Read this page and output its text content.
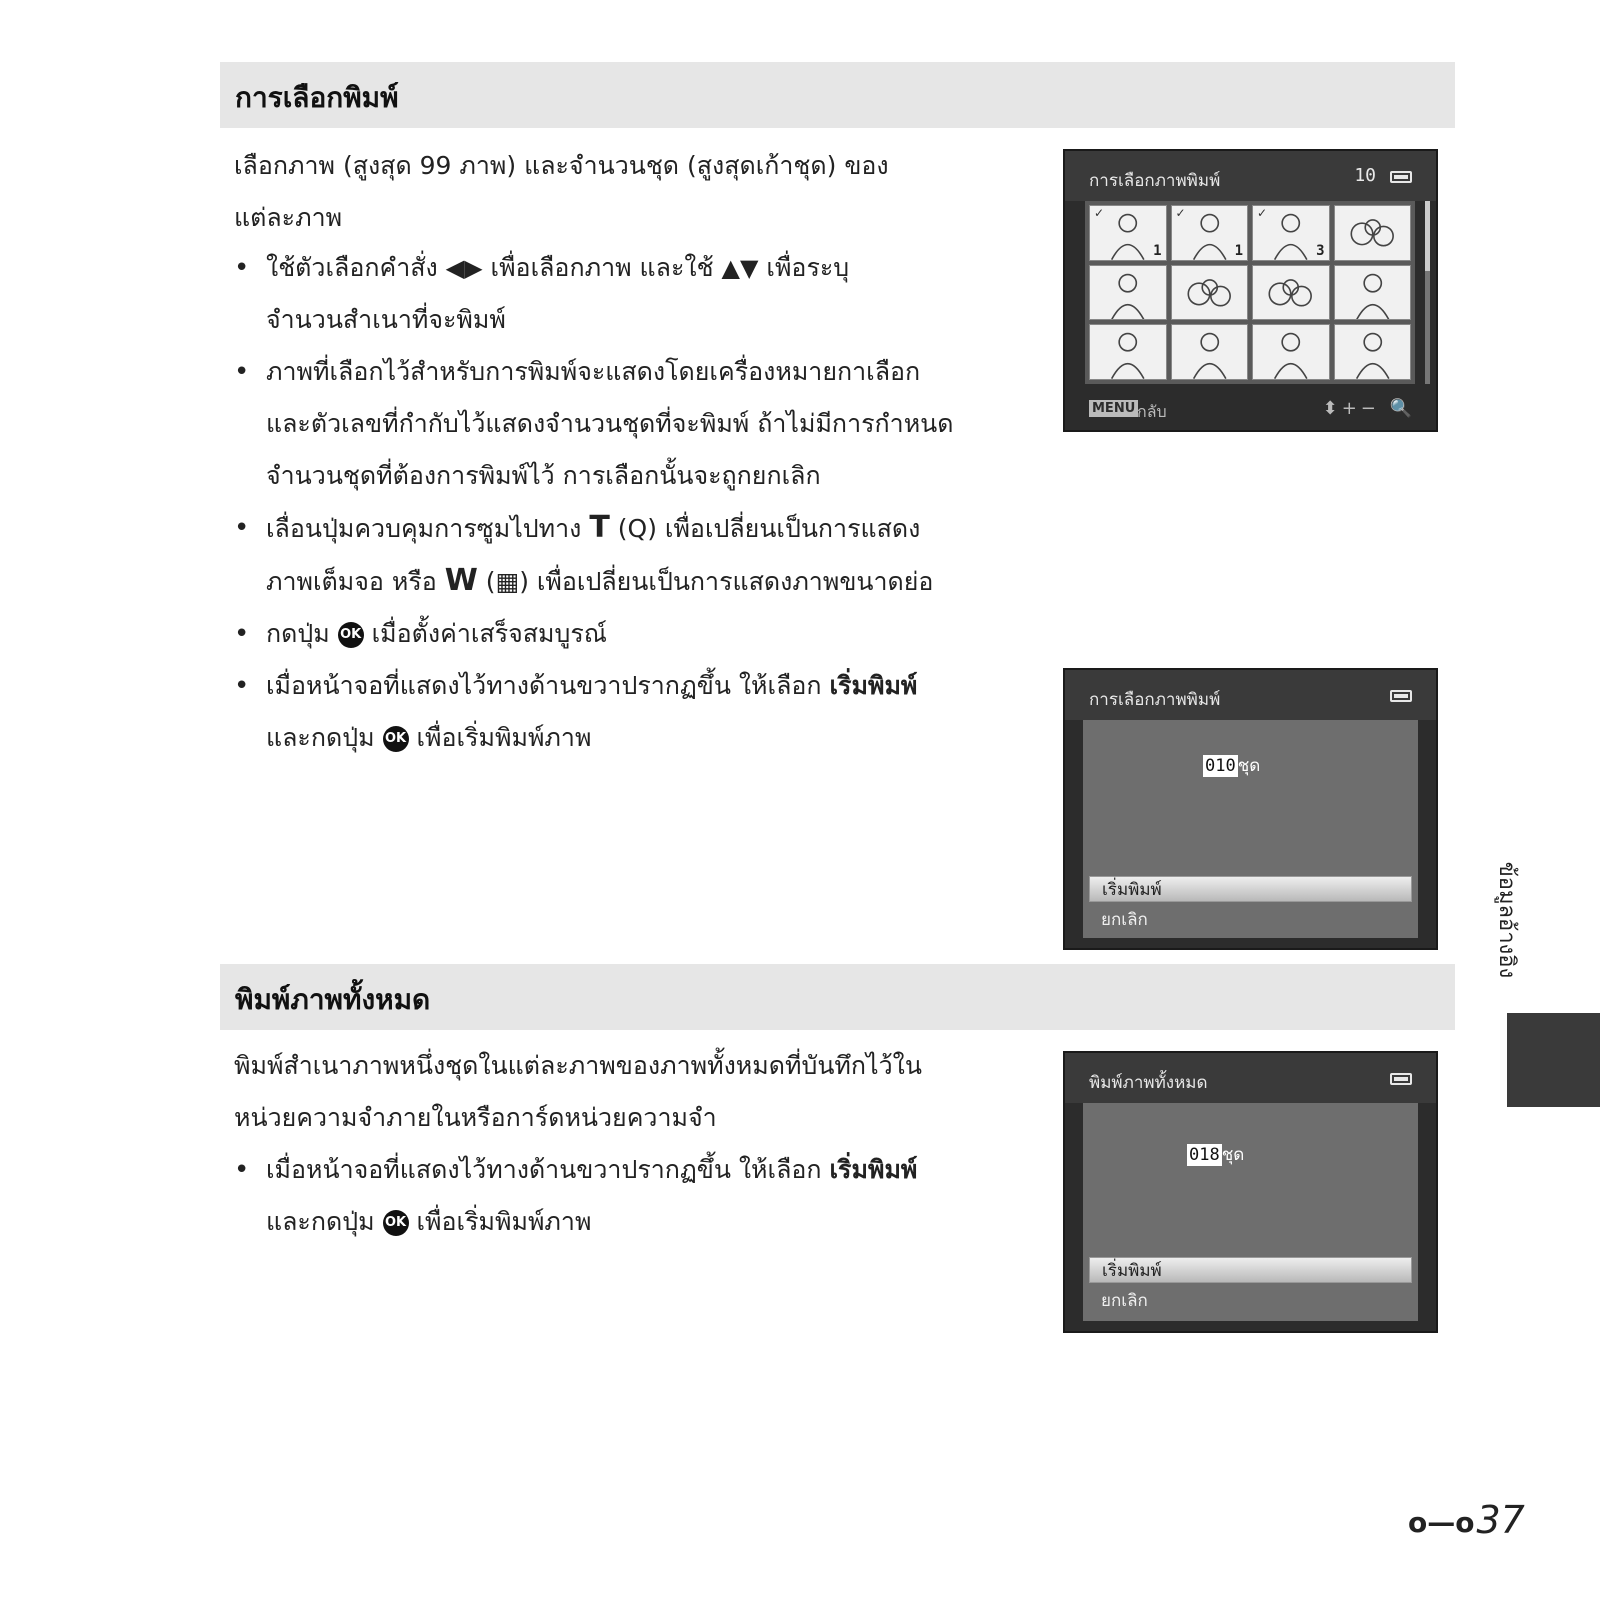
การเลือกพิมพ์

เลือกภาพ (สูงสุด 99 ภาพ) และจำนวนชุด (สูงสุดเก้าชุด) ของ
แต่ละภาพ

• ใช้ตัวเลือกคำสั่ง ◀▶ เพื่อเลือกภาพ และใช้ ▲▼ เพื่อระบุ
จำนวนสำเนาที่จะพิมพ์
• ภาพที่เลือกไว้สำหรับการพิมพ์จะแสดงโดยเครื่องหมายกาเลือก
และตัวเลขที่กำกับไว้แสดงจำนวนชุดที่จะพิมพ์ ถ้าไม่มีการกำหนด
จำนวนชุดที่ต้องการพิมพ์ไว้ การเลือกนั้นจะถูกยกเลิก
• เลื่อนปุ่มควบคุมการซูมไปทาง T (Q) เพื่อเปลี่ยนเป็นการแสดง
ภาพเต็มจอ หรือ W (▦) เพื่อเปลี่ยนเป็นการแสดงภาพขนาดย่อ
• กดปุ่ม OK เมื่อตั้งค่าเสร็จสมบูรณ์
• เมื่อหน้าจอที่แสดงไว้ทางด้านขวาปรากฏขึ้น ให้เลือก เริ่มพิมพ์
และกดปุ่ม OK เพื่อเริ่มพิมพ์ภาพ
การเลือกภาพพิมพ์	10
✓
1
✓
1
✓
3
MENU กลับ	⬍+− 🔍
การเลือกภาพพิมพ์
010 ชุด
เริ่มพิมพ์
ยกเลิก
พิมพ์ภาพทั้งหมด

พิมพ์สำเนาภาพหนึ่งชุดในแต่ละภาพของภาพทั้งหมดที่บันทึกไว้ใน
หน่วยความจำภายในหรือการ์ดหน่วยความจำ

• เมื่อหน้าจอที่แสดงไว้ทางด้านขวาปรากฏขึ้น ให้เลือก เริ่มพิมพ์
และกดปุ่ม OK เพื่อเริ่มพิมพ์ภาพ
พิมพ์ภาพทั้งหมด
018 ชุด
เริ่มพิมพ์
ยกเลิก
ข้อมูลอ้างอิง
o—o37
